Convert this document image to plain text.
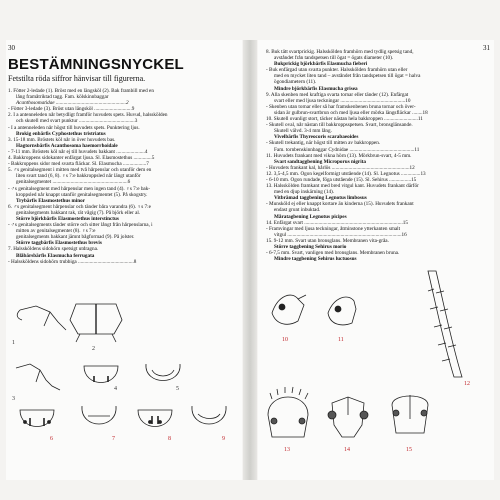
30
BESTÄMNINGSNYCKEL
Fetstilta röda siffror hänvisar till figurerna.
1. Fötter 2-ledade (1). Bröst med en längsköl (2). Bak frambill med en
lång framåtriktad tagg. Fam. kölskinnbaggar
Acanthosomatidae ......................................................2
- Fötter 3-ledade (3). Bröst utan längsköl .............................9
2. I a antenneleden når betydligt framför huvudets spets. Huvud, halsskölden
och skutell med svart punktur ...........................................3
- I a antenneleden når högst till huvudets spets. Punktering ljus.
Brokig enbärfis Cyphostethus tristriatus
3. 15-18 mm. Bröstets köl når in över huvudets bas.
Hagtornsbärfis Acanthosoma haemorrhoidale
- 7-11 mm. Bröstets köl når ej till huvudets bakkant ......................4
4. Bakkroppens sidokanter enfärgat ljusa. Sl. Elasmostethus ..............5
- Bakkroppens sidor med svarta fläckar. Sl. Elasmucha ..................7
5. ♂s genitalsegment i mitten med två hårpenslar och utanför dem en
liten svart tand (6, 8). ♀s 7:e bakkroppsled når längt utanför
genitalsegmentet ..........................................................6
- ♂s genitalsegment med hårpenslar men ingen tand (4). ♀s 7:e bak-
kroppsled når knappt utanför genitalsegmentet (5). På skogstry.
Trybärfis Elasmostethus minor
6. ♂s genitalsegment hårpenslar och tänder båra varandra (6). ♀s 7:e
genitalsegments bakkant rak, rät vågig (7). På björk eller al.
Större björkbärfis Elasmostethus interstinctus
- ♂s genitalsegments tänder större och sitter långt från hårpenslarna, i
mitten av genitalsegmentet (8). ♀s 7:e
genitalsegments bakkant jämnt bågformad (9). På jolster.
Större taggbärfis Elasmostethus brevis
7. Halssköldens sidohörn spetsigt utdragna.
Blåbärsbärfis Elasmucha ferrugata
- Halssköldens sidohörn trubbiga ...........................................8
1
2
3
4	5
6	7	8	9
31
8. Buk tätt svartprickig. Halsskölden framhörn med tydlig spetsig tand,
avståndet från tandspetsen till ögat = ögats diameter (10).
Bukprickig björkbärfis Elasmucha fieberi
- Buk enfärgad utan svarta punkter. Halsskölden framhörn utan eller
med en mycket liten tand – avståndet från tandspetsen till ögat = halva
ögondiametern (11).
Mindre björkbärfis Elasmucha grisea
9. Alla skenben med kraftiga svarta tornar eller tänder (12). Enfärgat
svart eller med ljusa teckningar ..................................................10
- Skenben utan tornar eller så har framskenbenen bruna tornar och över-
sidan är gulbrun-svartbrun och med ljusa eller mörka längsfläckar ........18
10. Skutell ovanligt stort, täcker nästan hela bakkroppen ..........................11
- Skutell oval, når nästan till bakkroppsspetsen. Svart, bronsglänsande.
Skutell välvd. 3-4 mm lång.
Vivelbärfis Thyreocoris scarabaeoides
- Skutell trekantig, när högst till mitten av bakkroppen.
Fam. tornbenskinnbaggar Cydnidae ..................................................11
11. Huvudets frankant med vikna hörn (13). Mörkbrun-svart, 4-5 mm.
Svart sandtaggbening Microporus nigrita
- Huvudets frankant kal, hårlös ............................................................12
12. 3,5-4,5 mm. Ögon kegelformigt utstående (14). Sl. Legnotus ...............13
- 6-10 mm. Ögon rundade, föga utstående (15). Sl. Sehirus .................15
13. Halsskölden framkant med bred vitgul kant. Huvudets frankant därför
med en djup inskärning (14).
Vitbrämad taggbening Legnotus limbosus
- Munsköld ej eller knappt kortare än kinderna (15). Huvudets frankant
endast grunt inbuktad.
Måratagbening Legnotus picipes
14. Enfärgat svart ............................................................................15
- Framvingar med ljusa teckningar, åtminstone ytterkanten smalt
vitgul ........................................................................................16
15. 9-12 mm. Svart utan bronsglans. Membranen vita-gråa.
Större taggbening Sehirus morio
- 6-7,5 mm. Svart, vanligen med bronsglans. Membranen bruna.
Mindre taggbening Sehirus luctuosus
10	11
12
13	14	15
